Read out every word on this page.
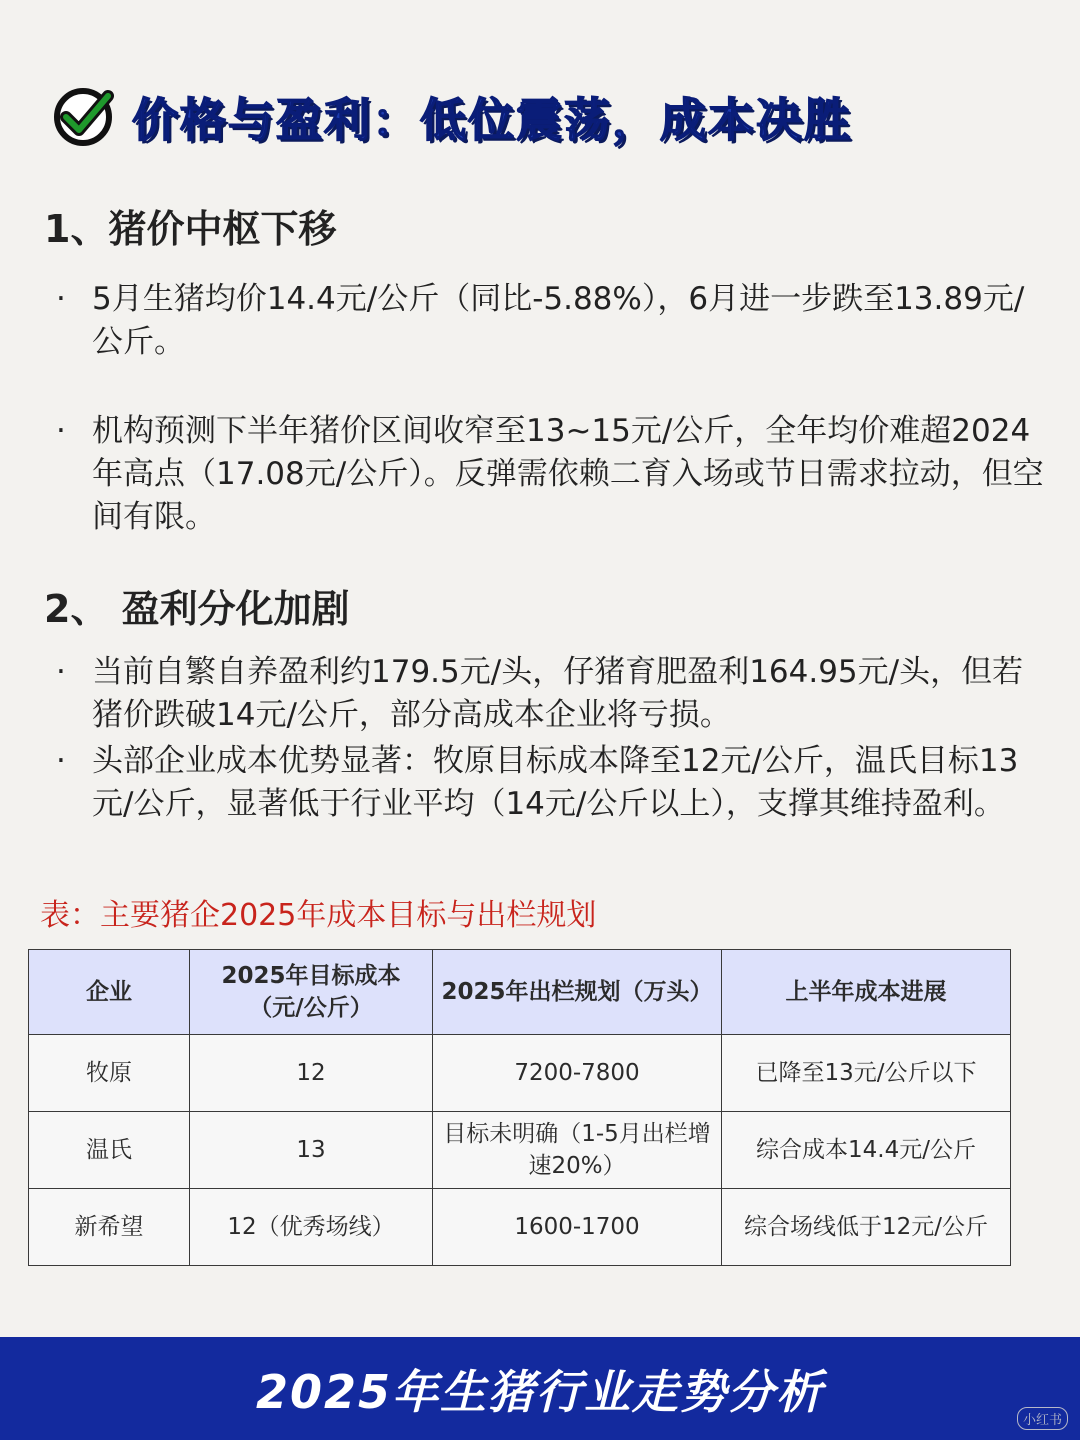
价格与盈利：低位震荡，成本决胜
1、猪价中枢下移
· 5月生猪均价14.4元/公斤（同比-5.88%），6月进一步跌至13.89元/公斤。
· 机构预测下半年猪价区间收窄至13~15元/公斤，全年均价难超2024年高点（17.08元/公斤）。反弹需依赖二育入场或节日需求拉动，但空间有限。
2、 盈利分化加剧
· 当前自繁自养盈利约179.5元/头，仔猪育肥盈利164.95元/头，但若猪价跌破14元/公斤，部分高成本企业将亏损。
· 头部企业成本优势显著：牧原目标成本降至12元/公斤，温氏目标13元/公斤，显著低于行业平均（14元/公斤以上），支撑其维持盈利。
表：主要猪企2025年成本目标与出栏规划
企业	2025年目标成本（元/公斤）	2025年出栏规划（万头）	上半年成本进展
牧原	12	7200-7800	已降至13元/公斤以下
温氏	13	目标未明确（1-5月出栏增速20%）	综合成本14.4元/公斤
新希望	12（优秀场线）	1600-1700	综合场线低于12元/公斤
2025年生猪行业走势分析
小红书
